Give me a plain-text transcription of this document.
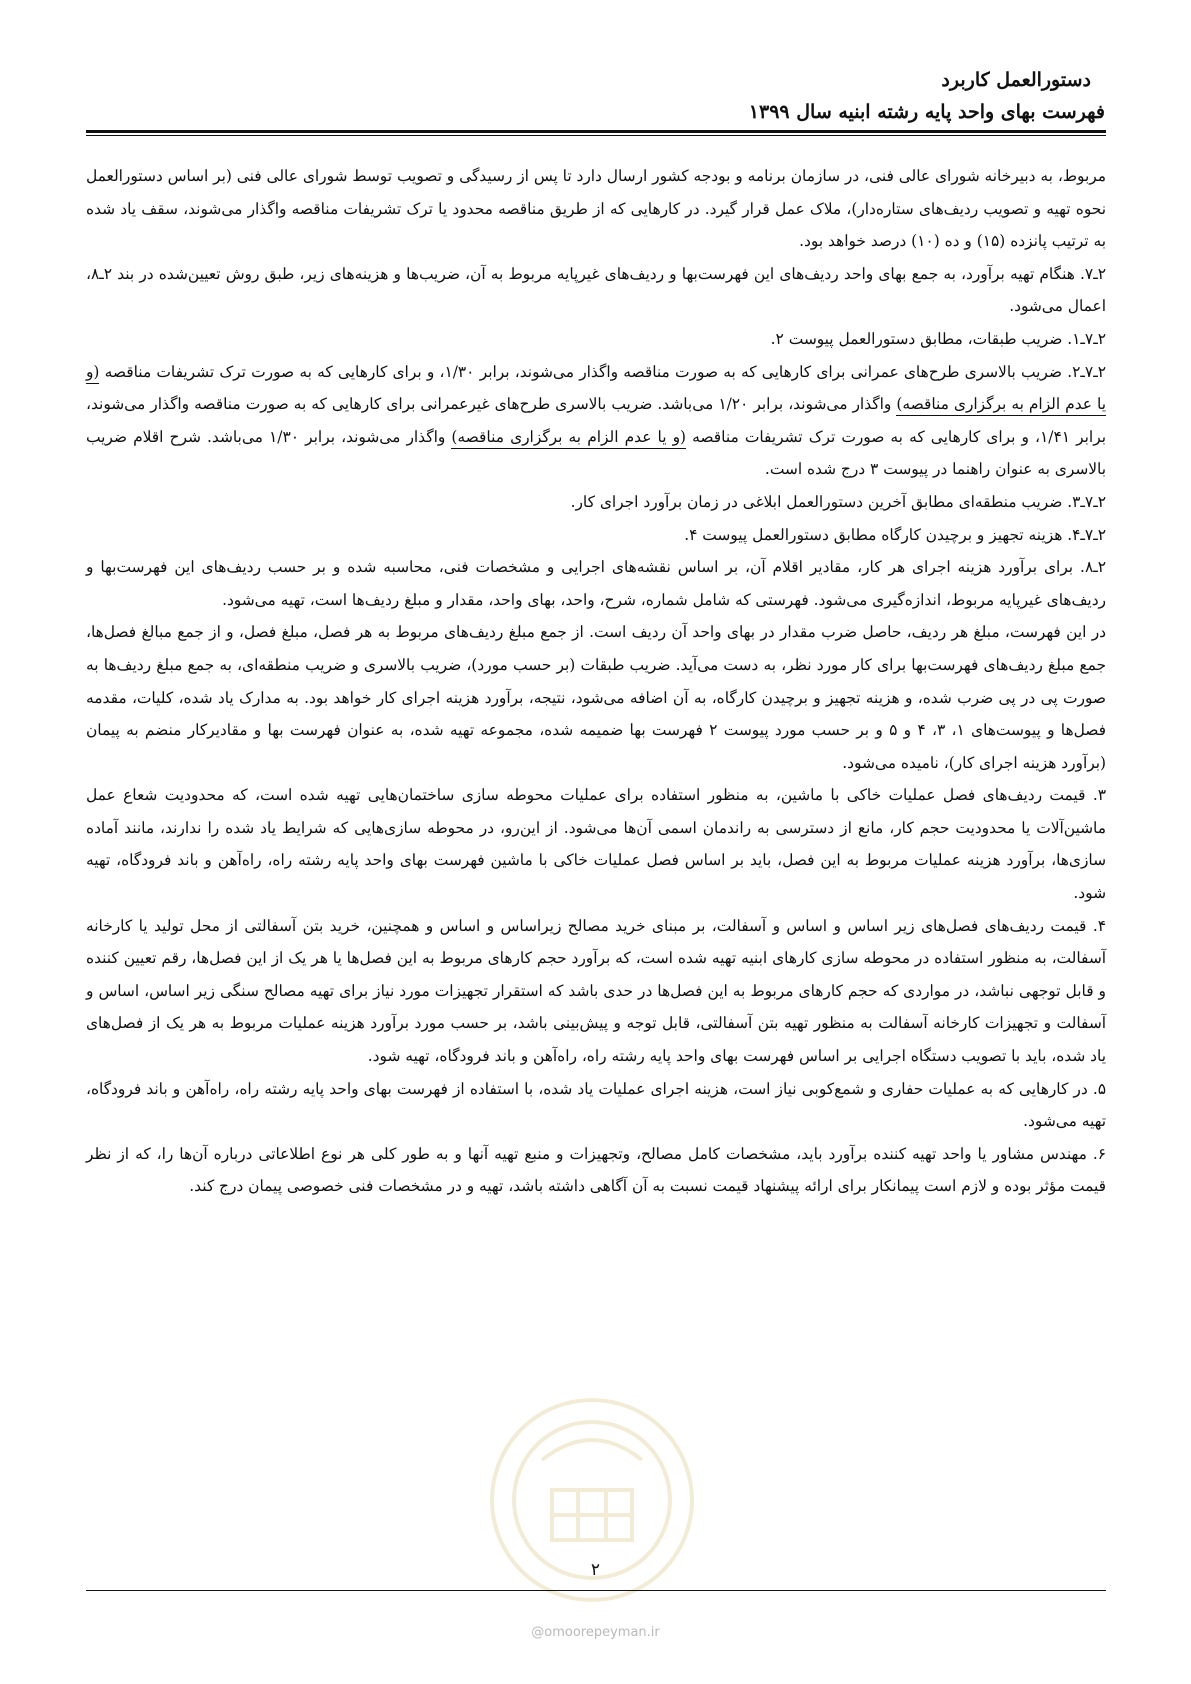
دستورالعمل کاربرد
فهرست بهای واحد پایه رشته ابنیه سال ۱۳۹۹

مربوط، به دبیرخانه شورای عالی فنی، در سازمان برنامه و بودجه کشور ارسال دارد تا پس از رسیدگی و تصویب توسط شورای عالی فنی (بر اساس دستورالعمل نحوه تهیه و تصویب ردیف‌های ستاره‌دار)، ملاک عمل قرار گیرد. در کارهایی که از طریق مناقصه محدود یا ترک تشریفات مناقصه واگذار می‌شوند، سقف یاد شده به ترتیب پانزده (۱۵) و ده (۱۰) درصد خواهد بود.

۲ـ۷. هنگام تهیه برآورد، به جمع بهای واحد ردیف‌های این فهرست‌بها و ردیف‌های غیرپایه مربوط به آن، ضریب‌ها و هزینه‌های زیر، طبق روش تعیین‌شده در بند ۲ـ۸، اعمال می‌شود.

۲ـ۷ـ۱. ضریب طبقات، مطابق دستورالعمل پیوست ۲.

۲ـ۷ـ۲. ضریب بالاسری طرح‌های عمرانی برای کارهایی که به صورت مناقصه واگذار می‌شوند، برابر ۱/۳۰، و برای کارهایی که به صورت ترک تشریفات مناقصه (و یا عدم الزام به برگزاری مناقصه) واگذار می‌شوند، برابر ۱/۲۰ می‌باشد. ضریب بالاسری طرح‌های غیرعمرانی برای کارهایی که به صورت مناقصه واگذار می‌شوند، برابر ۱/۴۱، و برای کارهایی که به صورت ترک تشریفات مناقصه (و یا عدم الزام به برگزاری مناقصه) واگذار می‌شوند، برابر ۱/۳۰ می‌باشد. شرح اقلام ضریب بالاسری به عنوان راهنما در پیوست ۳ درج شده است.

۲ـ۷ـ۳. ضریب منطقه‌ای مطابق آخرین دستورالعمل ابلاغی در زمان برآورد اجرای کار.

۲ـ۷ـ۴. هزینه تجهیز و برچیدن کارگاه مطابق دستورالعمل پیوست ۴.

۲ـ۸. برای برآورد هزینه اجرای هر کار، مقادیر اقلام آن، بر اساس نقشه‌های اجرایی و مشخصات فنی، محاسبه شده و بر حسب ردیف‌های این فهرست‌بها و ردیف‌های غیرپایه مربوط، اندازه‌گیری می‌شود. فهرستی که شامل شماره، شرح، واحد، بهای واحد، مقدار و مبلغ ردیف‌ها است، تهیه می‌شود.

در این فهرست، مبلغ هر ردیف، حاصل ضرب مقدار در بهای واحد آن ردیف است. از جمع مبلغ ردیف‌های مربوط به هر فصل، مبلغ فصل، و از جمع مبالغ فصل‌ها، جمع مبلغ ردیف‌های فهرست‌بها برای کار مورد نظر، به دست می‌آید. ضریب طبقات (بر حسب مورد)، ضریب بالاسری و ضریب منطقه‌ای، به جمع مبلغ ردیف‌ها به صورت پی در پی ضرب شده، و هزینه تجهیز و برچیدن کارگاه، به آن اضافه می‌شود، نتیجه، برآورد هزینه اجرای کار خواهد بود. به مدارک یاد شده، کلیات، مقدمه فصل‌ها و پیوست‌های ۱، ۳، ۴ و ۵ و بر حسب مورد پیوست ۲ فهرست بها ضمیمه شده، مجموعه تهیه شده، به عنوان فهرست بها و مقادیرکار منضم به پیمان (برآورد هزینه اجرای کار)، نامیده می‌شود.

۳. قیمت ردیف‌های فصل عملیات خاکی با ماشین، به منظور استفاده برای عملیات محوطه سازی ساختمان‌هایی تهیه شده است، که محدودیت شعاع عمل ماشین‌آلات یا محدودیت حجم کار، مانع از دسترسی به راندمان اسمی آن‌ها می‌شود. از این‌رو، در محوطه سازی‌هایی که شرایط یاد شده را ندارند، مانند آماده سازی‌ها، برآورد هزینه عملیات مربوط به این فصل، باید بر اساس فصل عملیات خاکی با ماشین فهرست بهای واحد پایه رشته راه، راه‌آهن و باند فرودگاه، تهیه شود.

۴. قیمت ردیف‌های فصل‌های زیر اساس و اساس و آسفالت، بر مبنای خرید مصالح زیراساس و اساس و همچنین، خرید بتن آسفالتی از محل تولید یا کارخانه آسفالت، به منظور استفاده در محوطه سازی کارهای ابنیه تهیه شده است، که برآورد حجم کارهای مربوط به این فصل‌ها یا هر یک از این فصل‌ها، رقم تعیین کننده و قابل توجهی نباشد، در مواردی که حجم کارهای مربوط به این فصل‌ها در حدی باشد که استقرار تجهیزات مورد نیاز برای تهیه مصالح سنگی زیر اساس، اساس و آسفالت و تجهیزات کارخانه آسفالت به منظور تهیه بتن آسفالتی، قابل توجه و پیش‌بینی باشد، بر حسب مورد برآورد هزینه عملیات مربوط به هر یک از فصل‌های یاد شده، باید با تصویب دستگاه اجرایی بر اساس فهرست بهای واحد پایه رشته راه، راه‌آهن و باند فرودگاه، تهیه شود.

۵. در کارهایی که به عملیات حفاری و شمع‌کوبی نیاز است، هزینه اجرای عملیات یاد شده، با استفاده از فهرست بهای واحد پایه رشته راه، راه‌آهن و باند فرودگاه، تهیه می‌شود.

۶. مهندس مشاور یا واحد تهیه کننده برآورد باید، مشخصات کامل مصالح، وتجهیزات و منبع تهیه آنها و به طور کلی هر نوع اطلاعاتی درباره آن‌ها را، که از نظر قیمت مؤثر بوده و لازم است پیمانکار برای ارائه پیشنهاد قیمت نسبت به آن آگاهی داشته باشد، تهیه و در مشخصات فنی خصوصی پیمان درج کند.

۲
@omoorepeyman.ir
